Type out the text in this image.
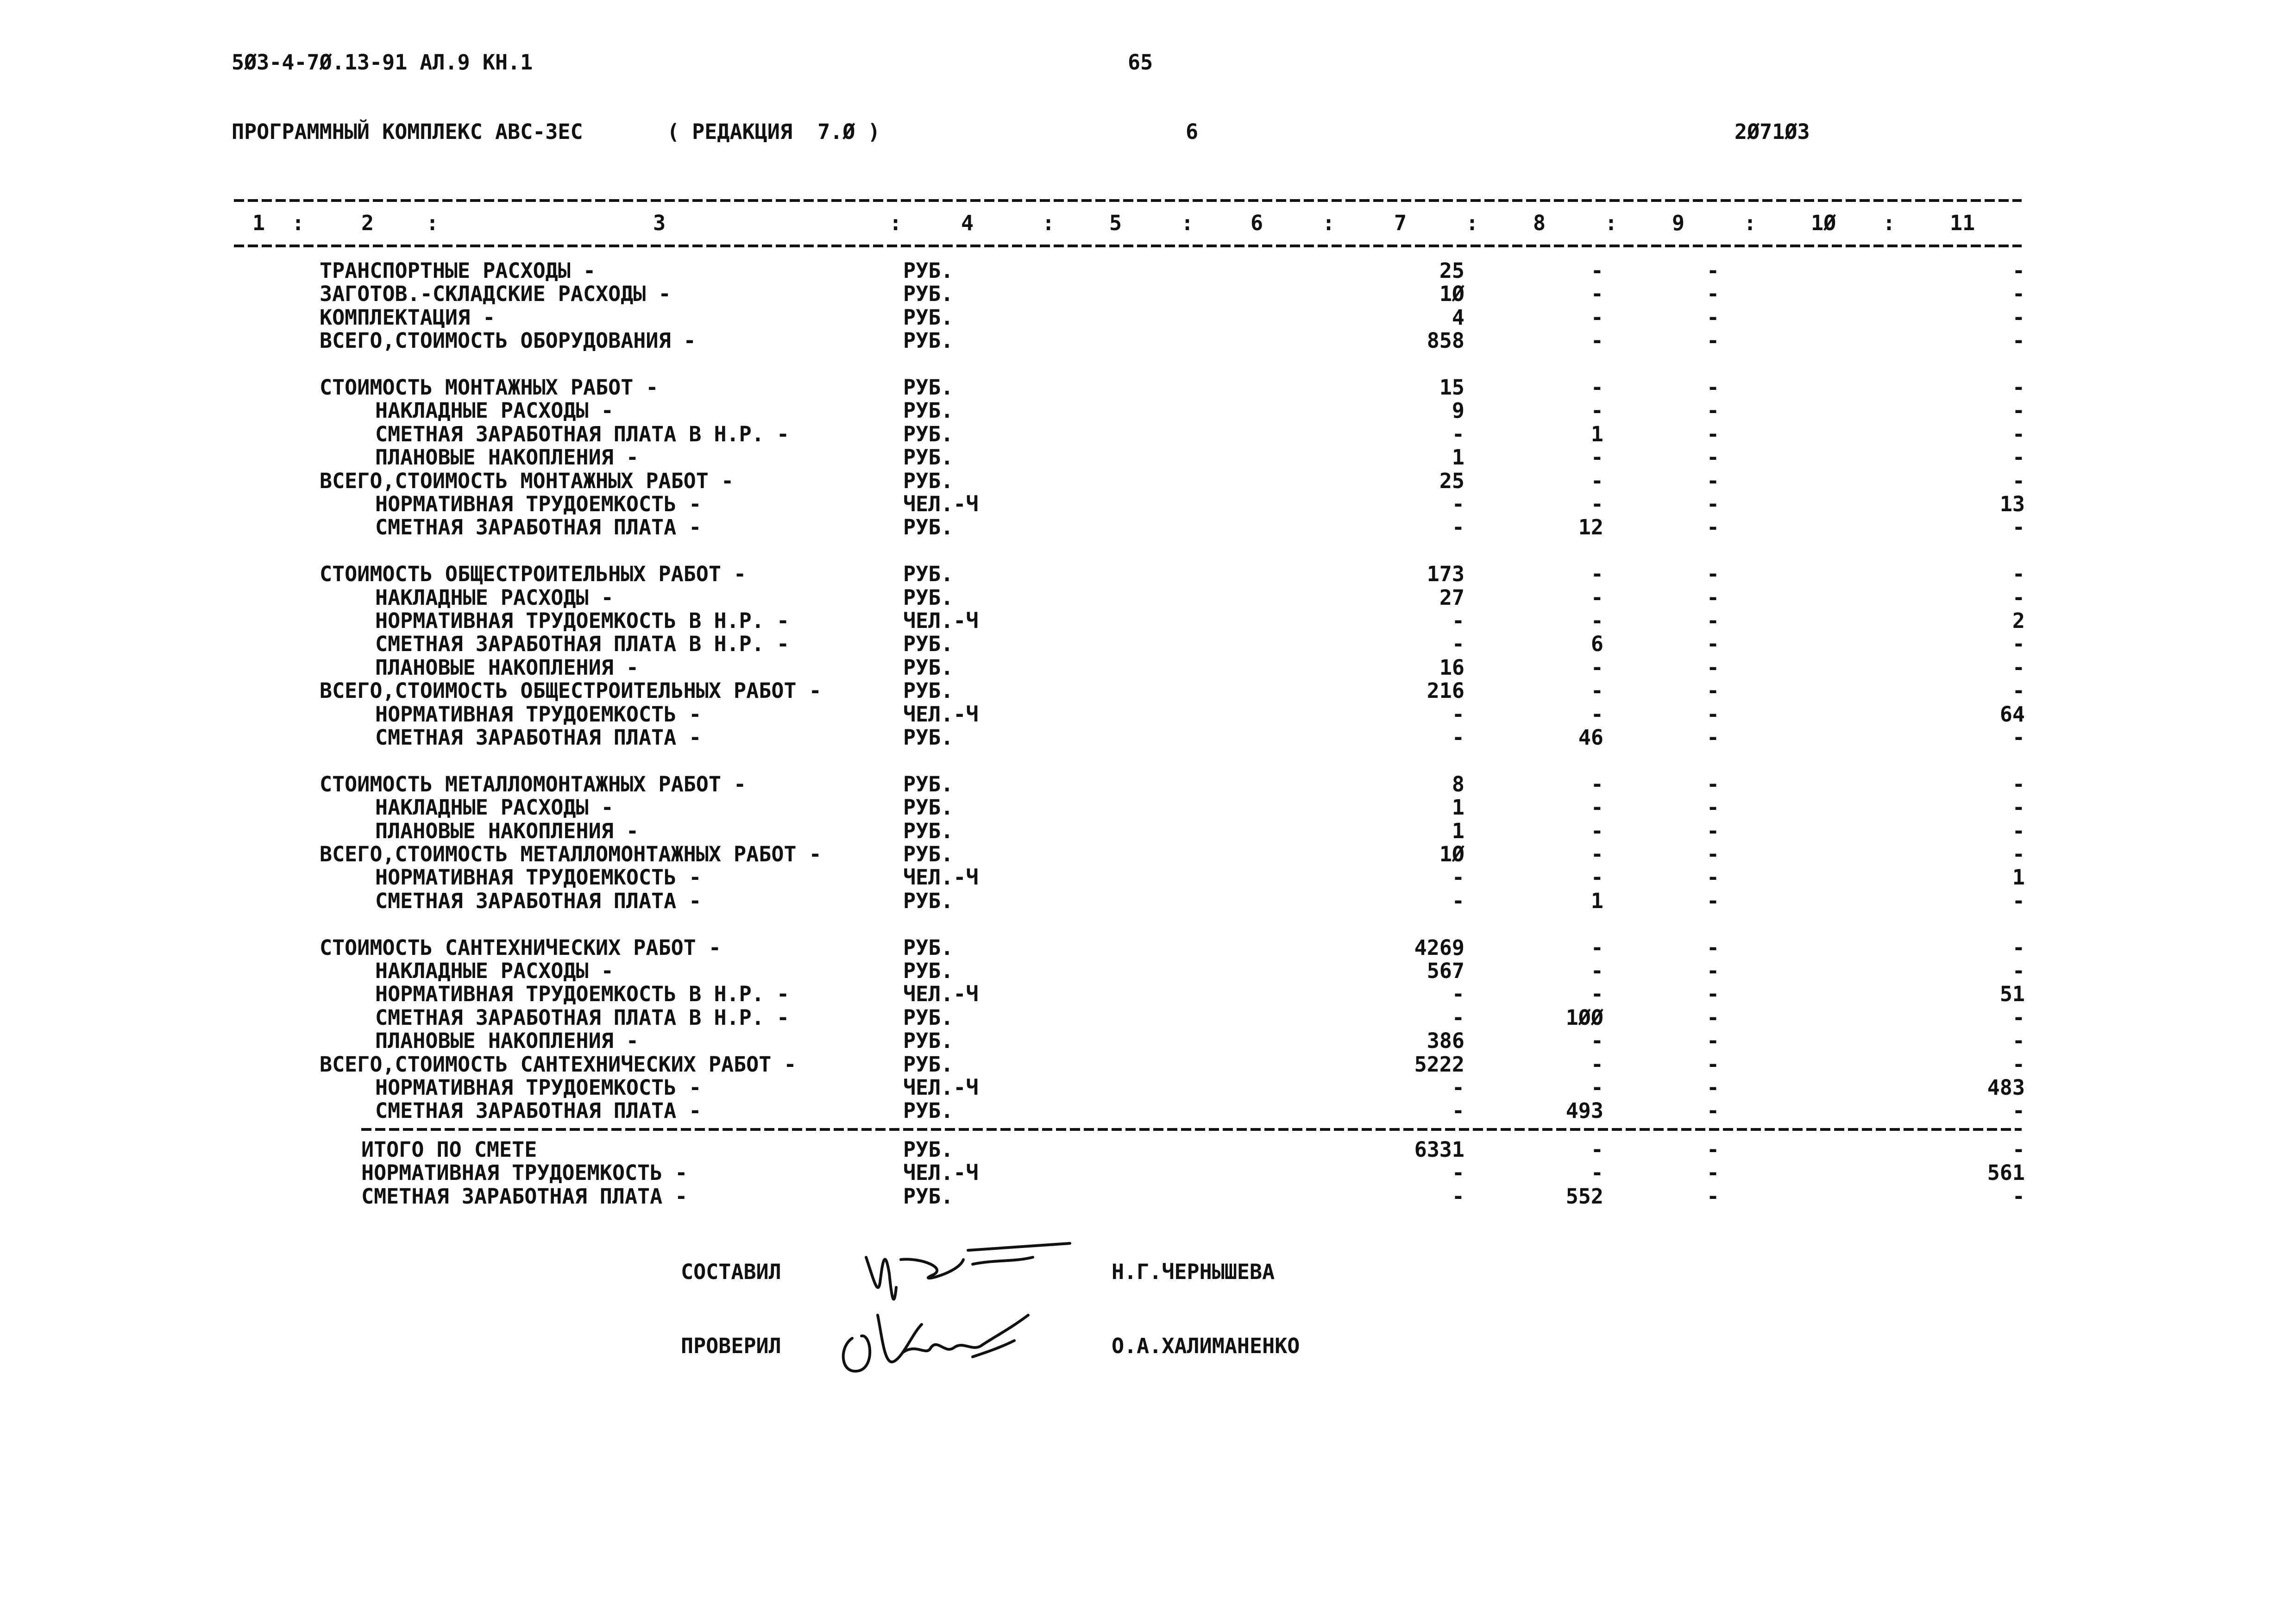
5Ø3-4-7Ø.13-91 АЛ.9 КН.1	65
ПРОГРАММНЫЙ КОМПЛЕКС АВС-3ЕС	( РЕДАКЦИЯ  7.Ø )	6	2Ø71Ø3
1	2	3	4	5	6	7	8	9	1Ø	11
:	:	:	:	:	:	:	:	:	:
ТРАНСПОРТНЫЕ РАСХОДЫ -	РУБ.	25	-	-	-
ЗАГОТОВ.-СКЛАДСКИЕ РАСХОДЫ -	РУБ.	1Ø	-	-	-
КОМПЛЕКТАЦИЯ -	РУБ.	4	-	-	-
ВСЕГО,СТОИМОСТЬ ОБОРУДОВАНИЯ -	РУБ.	858	-	-	-
СТОИМОСТЬ МОНТАЖНЫХ РАБОТ -	РУБ.	15	-	-	-
НАКЛАДНЫЕ РАСХОДЫ -	РУБ.	9	-	-	-
СМЕТНАЯ ЗАРАБОТНАЯ ПЛАТА В Н.Р. -	РУБ.	-	1	-	-
ПЛАНОВЫЕ НАКОПЛЕНИЯ -	РУБ.	1	-	-	-
ВСЕГО,СТОИМОСТЬ МОНТАЖНЫХ РАБОТ -	РУБ.	25	-	-	-
НОРМАТИВНАЯ ТРУДОЕМКОСТЬ -	ЧЕЛ.-Ч	-	-	-	13
СМЕТНАЯ ЗАРАБОТНАЯ ПЛАТА -	РУБ.	-	12	-	-
СТОИМОСТЬ ОБЩЕСТРОИТЕЛЬНЫХ РАБОТ -	РУБ.	173	-	-	-
НАКЛАДНЫЕ РАСХОДЫ -	РУБ.	27	-	-	-
НОРМАТИВНАЯ ТРУДОЕМКОСТЬ В Н.Р. -	ЧЕЛ.-Ч	-	-	-	2
СМЕТНАЯ ЗАРАБОТНАЯ ПЛАТА В Н.Р. -	РУБ.	-	6	-	-
ПЛАНОВЫЕ НАКОПЛЕНИЯ -	РУБ.	16	-	-	-
ВСЕГО,СТОИМОСТЬ ОБЩЕСТРОИТЕЛЬНЫХ РАБОТ -	РУБ.	216	-	-	-
НОРМАТИВНАЯ ТРУДОЕМКОСТЬ -	ЧЕЛ.-Ч	-	-	-	64
СМЕТНАЯ ЗАРАБОТНАЯ ПЛАТА -	РУБ.	-	46	-	-
СТОИМОСТЬ МЕТАЛЛОМОНТАЖНЫХ РАБОТ -	РУБ.	8	-	-	-
НАКЛАДНЫЕ РАСХОДЫ -	РУБ.	1	-	-	-
ПЛАНОВЫЕ НАКОПЛЕНИЯ -	РУБ.	1	-	-	-
ВСЕГО,СТОИМОСТЬ МЕТАЛЛОМОНТАЖНЫХ РАБОТ -	РУБ.	1Ø	-	-	-
НОРМАТИВНАЯ ТРУДОЕМКОСТЬ -	ЧЕЛ.-Ч	-	-	-	1
СМЕТНАЯ ЗАРАБОТНАЯ ПЛАТА -	РУБ.	-	1	-	-
СТОИМОСТЬ САНТЕХНИЧЕСКИХ РАБОТ -	РУБ.	4269	-	-	-
НАКЛАДНЫЕ РАСХОДЫ -	РУБ.	567	-	-	-
НОРМАТИВНАЯ ТРУДОЕМКОСТЬ В Н.Р. -	ЧЕЛ.-Ч	-	-	-	51
СМЕТНАЯ ЗАРАБОТНАЯ ПЛАТА В Н.Р. -	РУБ.	-	1ØØ	-	-
ПЛАНОВЫЕ НАКОПЛЕНИЯ -	РУБ.	386	-	-	-
ВСЕГО,СТОИМОСТЬ САНТЕХНИЧЕСКИХ РАБОТ -	РУБ.	5222	-	-	-
НОРМАТИВНАЯ ТРУДОЕМКОСТЬ -	ЧЕЛ.-Ч	-	-	-	483
СМЕТНАЯ ЗАРАБОТНАЯ ПЛАТА -	РУБ.	-	493	-	-
ИТОГО ПО СМЕТЕ	РУБ.	6331	-	-	-
НОРМАТИВНАЯ ТРУДОЕМКОСТЬ -	ЧЕЛ.-Ч	-	-	-	561
СМЕТНАЯ ЗАРАБОТНАЯ ПЛАТА -	РУБ.	-	552	-	-
СОСТАВИЛ	Н.Г.ЧЕРНЫШЕВА
ПРОВЕРИЛ	О.А.ХАЛИМАНЕНКО
